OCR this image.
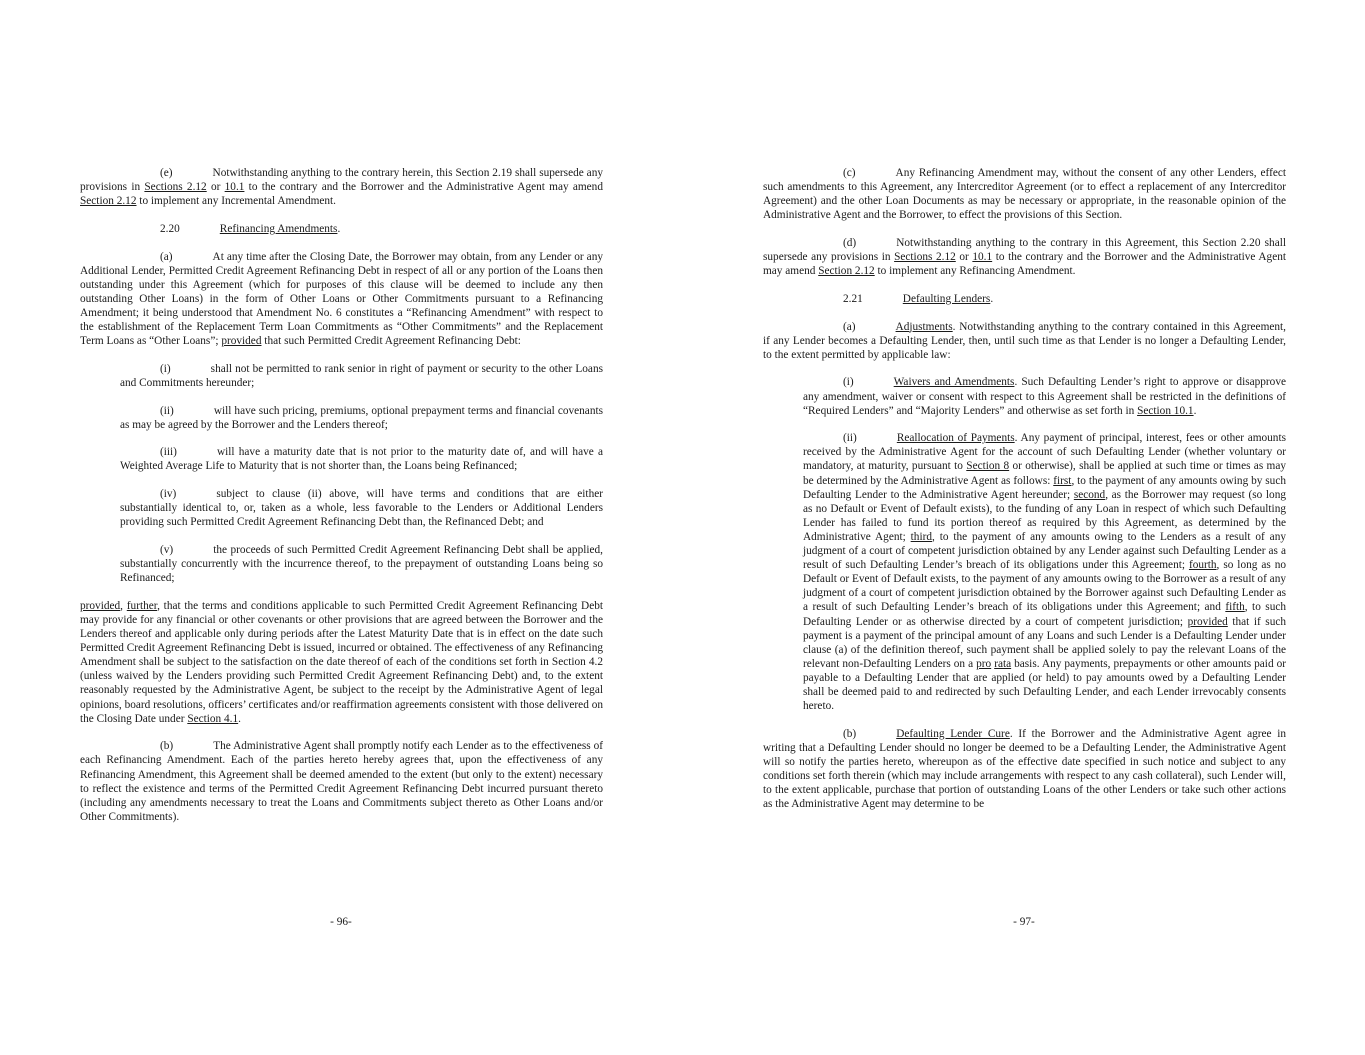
(e)	Notwithstanding anything to the contrary herein, this Section 2.19 shall supersede any provisions in Sections 2.12 or 10.1 to the contrary and the Borrower and the Administrative Agent may amend Section 2.12 to implement any Incremental Amendment.

2.20	Refinancing Amendments.

(a)	At any time after the Closing Date, the Borrower may obtain, from any Lender or any Additional Lender, Permitted Credit Agreement Refinancing Debt in respect of all or any portion of the Loans then outstanding under this Agreement (which for purposes of this clause will be deemed to include any then outstanding Other Loans) in the form of Other Loans or Other Commitments pursuant to a Refinancing Amendment; it being understood that Amendment No. 6 constitutes a “Refinancing Amendment” with respect to the establishment of the Replacement Term Loan Commitments as “Other Commitments” and the Replacement Term Loans as “Other Loans”; provided that such Permitted Credit Agreement Refinancing Debt:

(i)	shall not be permitted to rank senior in right of payment or security to the other Loans and Commitments hereunder;

(ii)	will have such pricing, premiums, optional prepayment terms and financial covenants as may be agreed by the Borrower and the Lenders thereof;

(iii)	will have a maturity date that is not prior to the maturity date of, and will have a Weighted Average Life to Maturity that is not shorter than, the Loans being Refinanced;

(iv)	subject to clause (ii) above, will have terms and conditions that are either substantially identical to, or, taken as a whole, less favorable to the Lenders or Additional Lenders providing such Permitted Credit Agreement Refinancing Debt than, the Refinanced Debt; and

(v)	the proceeds of such Permitted Credit Agreement Refinancing Debt shall be applied, substantially concurrently with the incurrence thereof, to the prepayment of outstanding Loans being so Refinanced;

provided, further, that the terms and conditions applicable to such Permitted Credit Agreement Refinancing Debt may provide for any financial or other covenants or other provisions that are agreed between the Borrower and the Lenders thereof and applicable only during periods after the Latest Maturity Date that is in effect on the date such Permitted Credit Agreement Refinancing Debt is issued, incurred or obtained. The effectiveness of any Refinancing Amendment shall be subject to the satisfaction on the date thereof of each of the conditions set forth in Section 4.2 (unless waived by the Lenders providing such Permitted Credit Agreement Refinancing Debt) and, to the extent reasonably requested by the Administrative Agent, be subject to the receipt by the Administrative Agent of legal opinions, board resolutions, officers’ certificates and/or reaffirmation agreements consistent with those delivered on the Closing Date under Section 4.1.

(b)	The Administrative Agent shall promptly notify each Lender as to the effectiveness of each Refinancing Amendment. Each of the parties hereto hereby agrees that, upon the effectiveness of any Refinancing Amendment, this Agreement shall be deemed amended to the extent (but only to the extent) necessary to reflect the existence and terms of the Permitted Credit Agreement Refinancing Debt incurred pursuant thereto (including any amendments necessary to treat the Loans and Commitments subject thereto as Other Loans and/or Other Commitments).

- 96-

(c)	Any Refinancing Amendment may, without the consent of any other Lenders, effect such amendments to this Agreement, any Intercreditor Agreement (or to effect a replacement of any Intercreditor Agreement) and the other Loan Documents as may be necessary or appropriate, in the reasonable opinion of the Administrative Agent and the Borrower, to effect the provisions of this Section.

(d)	Notwithstanding anything to the contrary in this Agreement, this Section 2.20 shall supersede any provisions in Sections 2.12 or 10.1 to the contrary and the Borrower and the Administrative Agent may amend Section 2.12 to implement any Refinancing Amendment.

2.21	Defaulting Lenders.

(a)	Adjustments. Notwithstanding anything to the contrary contained in this Agreement, if any Lender becomes a Defaulting Lender, then, until such time as that Lender is no longer a Defaulting Lender, to the extent permitted by applicable law:

(i)	Waivers and Amendments. Such Defaulting Lender’s right to approve or disapprove any amendment, waiver or consent with respect to this Agreement shall be restricted in the definitions of “Required Lenders” and “Majority Lenders” and otherwise as set forth in Section 10.1.

(ii)	Reallocation of Payments. Any payment of principal, interest, fees or other amounts received by the Administrative Agent for the account of such Defaulting Lender (whether voluntary or mandatory, at maturity, pursuant to Section 8 or otherwise), shall be applied at such time or times as may be determined by the Administrative Agent as follows: first, to the payment of any amounts owing by such Defaulting Lender to the Administrative Agent hereunder; second, as the Borrower may request (so long as no Default or Event of Default exists), to the funding of any Loan in respect of which such Defaulting Lender has failed to fund its portion thereof as required by this Agreement, as determined by the Administrative Agent; third, to the payment of any amounts owing to the Lenders as a result of any judgment of a court of competent jurisdiction obtained by any Lender against such Defaulting Lender as a result of such Defaulting Lender’s breach of its obligations under this Agreement; fourth, so long as no Default or Event of Default exists, to the payment of any amounts owing to the Borrower as a result of any judgment of a court of competent jurisdiction obtained by the Borrower against such Defaulting Lender as a result of such Defaulting Lender’s breach of its obligations under this Agreement; and fifth, to such Defaulting Lender or as otherwise directed by a court of competent jurisdiction; provided that if such payment is a payment of the principal amount of any Loans and such Lender is a Defaulting Lender under clause (a) of the definition thereof, such payment shall be applied solely to pay the relevant Loans of the relevant non-Defaulting Lenders on a pro rata basis. Any payments, prepayments or other amounts paid or payable to a Defaulting Lender that are applied (or held) to pay amounts owed by a Defaulting Lender shall be deemed paid to and redirected by such Defaulting Lender, and each Lender irrevocably consents hereto.

(b)	Defaulting Lender Cure. If the Borrower and the Administrative Agent agree in writing that a Defaulting Lender should no longer be deemed to be a Defaulting Lender, the Administrative Agent will so notify the parties hereto, whereupon as of the effective date specified in such notice and subject to any conditions set forth therein (which may include arrangements with respect to any cash collateral), such Lender will, to the extent applicable, purchase that portion of outstanding Loans of the other Lenders or take such other actions as the Administrative Agent may determine to be

- 97-
